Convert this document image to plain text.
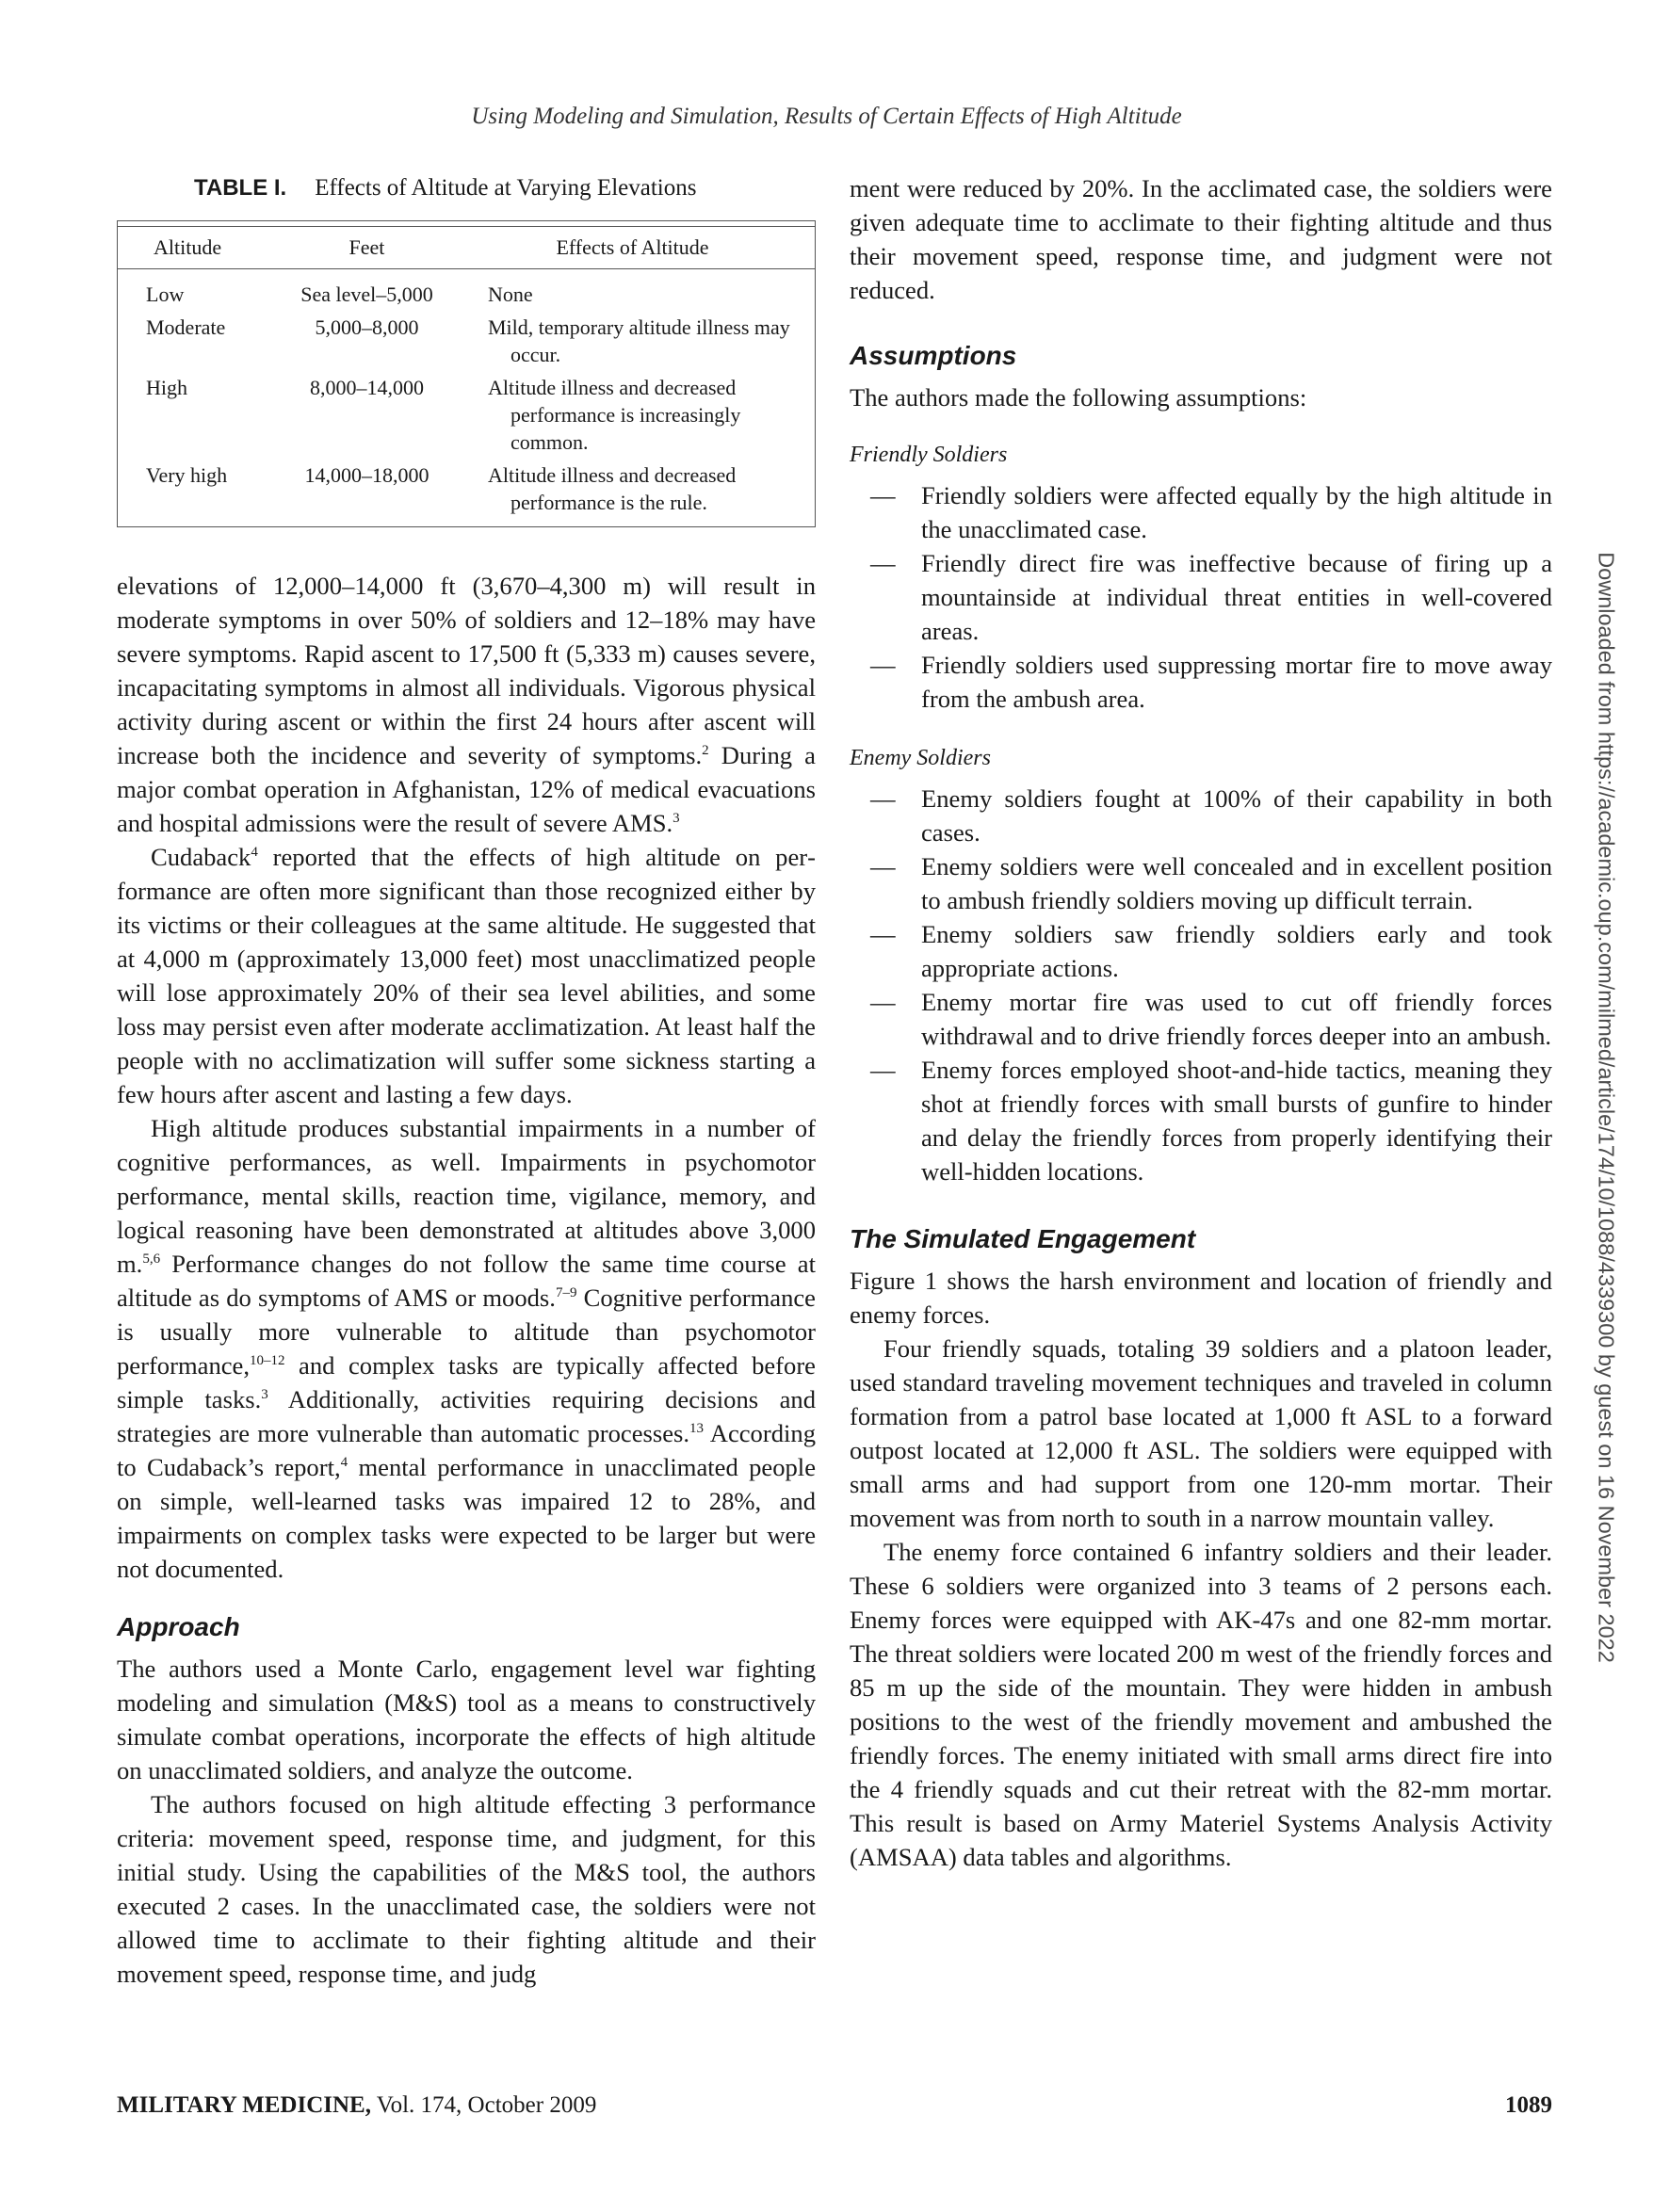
Using Modeling and Simulation, Results of Certain Effects of High Altitude
TABLE I. Effects of Altitude at Varying Elevations
Altitude	Feet	Effects of Altitude
Low	Sea level–5,000	None

Moderate	5,000–8,000	Mild, temporary altitude illness may occur.

High	8,000–14,000	Altitude illness and decreased performance is increasingly common.

Very high	14,000–18,000	Altitude illness and decreased performance is the rule.

elevations of 12,000–14,000 ft (3,670–4,300 m) will result in moderate symptoms in over 50% of soldiers and 12–18% may have severe symptoms. Rapid ascent to 17,500 ft (5,333 m) causes severe, incapacitating symptoms in almost all individuals. Vigorous physical activity during ascent or within the first 24 hours after ascent will increase both the incidence and severity of symptoms.$^2$ During a major combat operation in Afghanistan, 12% of medical evacuations and hospital admissions were the result of severe AMS.$^3$

Cudaback$^4$ reported that the effects of high altitude on performance are often more significant than those recognized either by its victims or their colleagues at the same altitude. He suggested that at 4,000 m (approximately 13,000 feet) most unacclimatized people will lose approximately 20% of their sea level abilities, and some loss may persist even after moderate acclimatization. At least half the people with no acclimatization will suffer some sickness starting a few hours after ascent and lasting a few days.

High altitude produces substantial impairments in a number of cognitive performances, as well. Impairments in psychomotor performance, mental skills, reaction time, vigilance, memory, and logical reasoning have been demonstrated at altitudes above 3,000 m.$^{5,6}$ Performance changes do not follow the same time course at altitude as do symptoms of AMS or moods.$^{7-9}$ Cognitive performance is usually more vulnerable to altitude than psychomotor performance,$^{10-12}$ and complex tasks are typically affected before simple tasks.$^3$ Additionally, activities requiring decisions and strategies are more vulnerable than automatic processes.$^{13}$ According to Cudaback’s report,$^4$ mental performance in unacclimated people on simple, well-learned tasks was impaired 12 to 28%, and impairments on complex tasks were expected to be larger but were not documented.

Approach

The authors used a Monte Carlo, engagement level war fighting modeling and simulation (M&S) tool as a means to constructively simulate combat operations, incorporate the effects of high altitude on unacclimated soldiers, and analyze the outcome.

The authors focused on high altitude effecting 3 performance criteria: movement speed, response time, and judgment, for this initial study. Using the capabilities of the M&S tool, the authors executed 2 cases. In the unacclimated case, the soldiers were not allowed time to acclimate to their fighting altitude and their movement speed, response time, and judg

ment were reduced by 20%. In the acclimated case, the soldiers were given adequate time to acclimate to their fighting altitude and thus their movement speed, response time, and judgment were not reduced.

Assumptions

The authors made the following assumptions:

Friendly Soldiers
— Friendly soldiers were affected equally by the high altitude in the unacclimated case.
— Friendly direct fire was ineffective because of firing up a mountainside at individual threat entities in well-covered areas.
— Friendly soldiers used suppressing mortar fire to move away from the ambush area.
Enemy Soldiers
— Enemy soldiers fought at 100% of their capability in both cases.
— Enemy soldiers were well concealed and in excellent position to ambush friendly soldiers moving up difficult terrain.
— Enemy soldiers saw friendly soldiers early and took appropriate actions.
— Enemy mortar fire was used to cut off friendly forces withdrawal and to drive friendly forces deeper into an ambush.
— Enemy forces employed shoot-and-hide tactics, meaning they shot at friendly forces with small bursts of gunfire to hinder and delay the friendly forces from properly identifying their well-hidden locations.
The Simulated Engagement

Figure 1 shows the harsh environment and location of friendly and enemy forces.

Four friendly squads, totaling 39 soldiers and a platoon leader, used standard traveling movement techniques and traveled in column formation from a patrol base located at 1,000 ft ASL to a forward outpost located at 12,000 ft ASL. The soldiers were equipped with small arms and had support from one 120-mm mortar. Their movement was from north to south in a narrow mountain valley.

The enemy force contained 6 infantry soldiers and their leader. These 6 soldiers were organized into 3 teams of 2 persons each. Enemy forces were equipped with AK-47s and one 82-mm mortar. The threat soldiers were located 200 m west of the friendly forces and 85 m up the side of the mountain. They were hidden in ambush positions to the west of the friendly movement and ambushed the friendly forces. The enemy initiated with small arms direct fire into the 4 friendly squads and cut their retreat with the 82-mm mortar. This result is based on Army Materiel Systems Analysis Activity (AMSAA) data tables and algorithms.

Downloaded from https://academic.oup.com/milmed/article/174/10/1088/4339300 by guest on 16 November 2022
MILITARY MEDICINE, Vol. 174, October 2009	1089
